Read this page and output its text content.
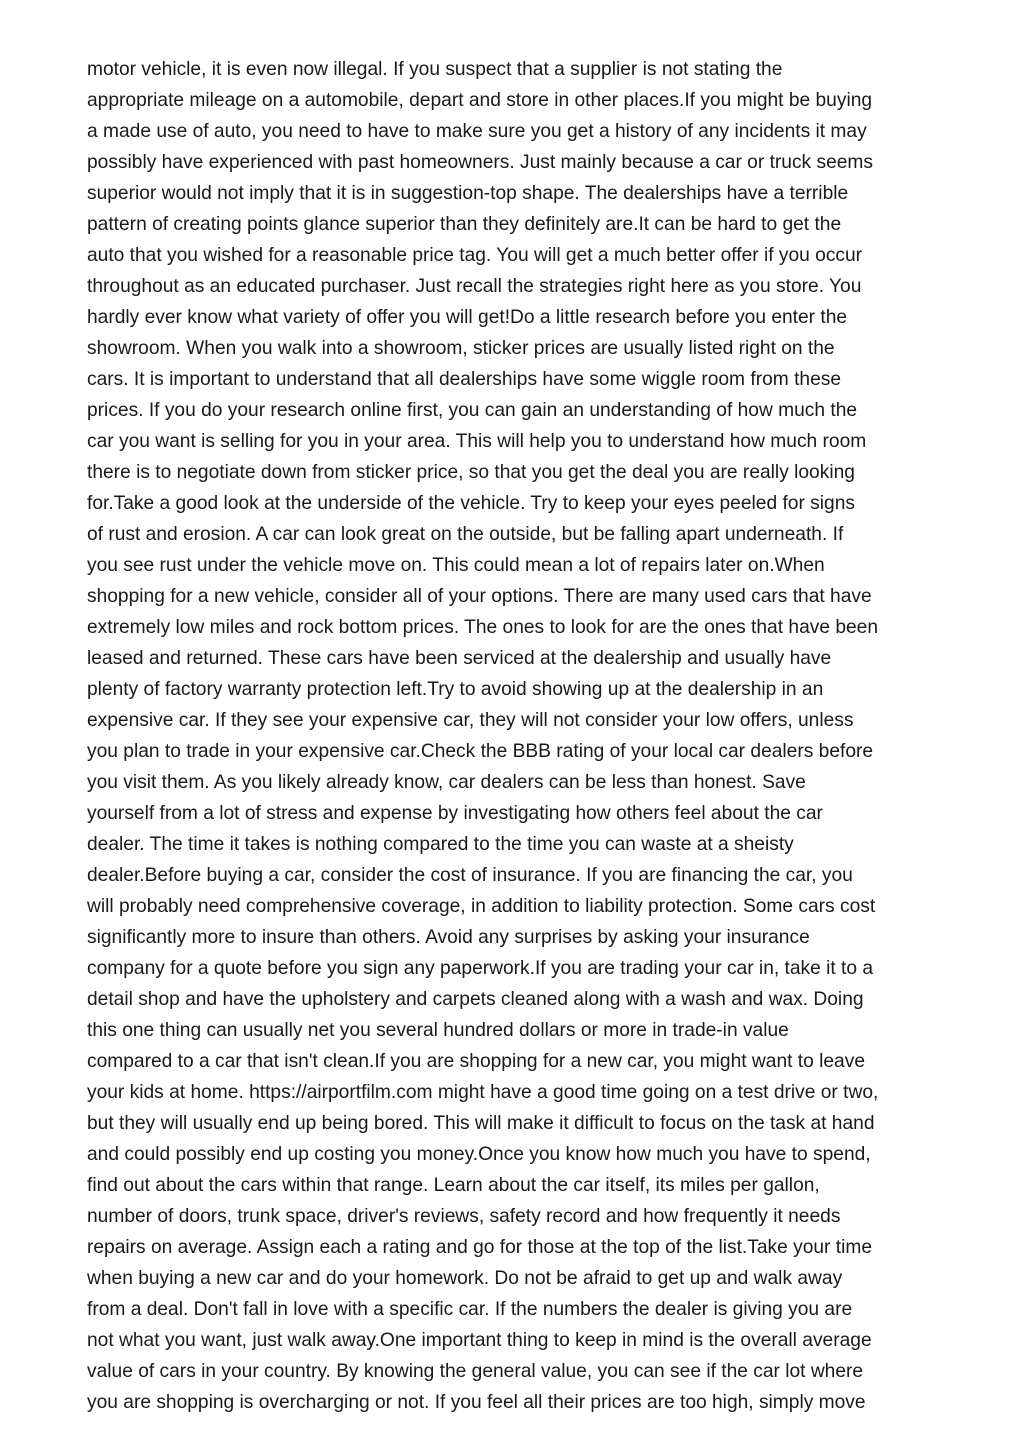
motor vehicle, it is even now illegal. If you suspect that a supplier is not stating the
appropriate mileage on a automobile, depart and store in other places.If you might be buying
a made use of auto, you need to have to make sure you get a history of any incidents it may
possibly have experienced with past homeowners. Just mainly because a car or truck seems
superior would not imply that it is in suggestion-top shape. The dealerships have a terrible
pattern of creating points glance superior than they definitely are.It can be hard to get the
auto that you wished for a reasonable price tag. You will get a much better offer if you occur
throughout as an educated purchaser. Just recall the strategies right here as you store. You
hardly ever know what variety of offer you will get!Do a little research before you enter the
showroom. When you walk into a showroom, sticker prices are usually listed right on the
cars. It is important to understand that all dealerships have some wiggle room from these
prices. If you do your research online first, you can gain an understanding of how much the
car you want is selling for you in your area. This will help you to understand how much room
there is to negotiate down from sticker price, so that you get the deal you are really looking
for.Take a good look at the underside of the vehicle. Try to keep your eyes peeled for signs
of rust and erosion. A car can look great on the outside, but be falling apart underneath. If
you see rust under the vehicle move on. This could mean a lot of repairs later on.When
shopping for a new vehicle, consider all of your options. There are many used cars that have
extremely low miles and rock bottom prices. The ones to look for are the ones that have been
leased and returned. These cars have been serviced at the dealership and usually have
plenty of factory warranty protection left.Try to avoid showing up at the dealership in an
expensive car. If they see your expensive car, they will not consider your low offers, unless
you plan to trade in your expensive car.Check the BBB rating of your local car dealers before
you visit them. As you likely already know, car dealers can be less than honest. Save
yourself from a lot of stress and expense by investigating how others feel about the car
dealer. The time it takes is nothing compared to the time you can waste at a sheisty
dealer.Before buying a car, consider the cost of insurance. If you are financing the car, you
will probably need comprehensive coverage, in addition to liability protection. Some cars cost
significantly more to insure than others. Avoid any surprises by asking your insurance
company for a quote before you sign any paperwork.If you are trading your car in, take it to a
detail shop and have the upholstery and carpets cleaned along with a wash and wax. Doing
this one thing can usually net you several hundred dollars or more in trade-in value
compared to a car that isn't clean.If you are shopping for a new car, you might want to leave
your kids at home. https://airportfilm.com might have a good time going on a test drive or two,
but they will usually end up being bored. This will make it difficult to focus on the task at hand
and could possibly end up costing you money.Once you know how much you have to spend,
find out about the cars within that range. Learn about the car itself, its miles per gallon,
number of doors, trunk space, driver's reviews, safety record and how frequently it needs
repairs on average. Assign each a rating and go for those at the top of the list.Take your time
when buying a new car and do your homework. Do not be afraid to get up and walk away
from a deal. Don't fall in love with a specific car. If the numbers the dealer is giving you are
not what you want, just walk away.One important thing to keep in mind is the overall average
value of cars in your country. By knowing the general value, you can see if the car lot where
you are shopping is overcharging or not. If you feel all their prices are too high, simply move
